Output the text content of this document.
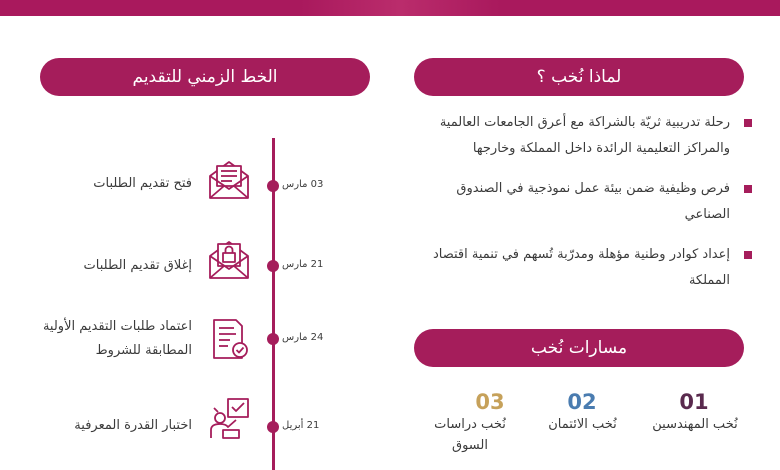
الخط الزمني للتقديم	لماذا نُخب ؟
رحلة تدريبية ثريّة بالشراكة مع أعرق الجامعات العالمية والمراكز التعليمية الرائدة داخل المملكة وخارجها
فرص وظيفية ضمن بيئة عمل نموذجية في الصندوق الصناعي
إعداد كوادر وطنية مؤهلة ومدرّبة تُسهم في تنمية اقتصاد المملكة
مسارات نُخب
01
02
03
نُخب المهندسين
نُخب الائتمان
نُخب دراسات السوق
03 مارس
21 مارس
24 مارس
21 أبريل
فتح تقديم الطلبات
إغلاق تقديم الطلبات
اعتماد طلبات التقديم الأولية المطابقة للشروط
اختبار القدرة المعرفية
